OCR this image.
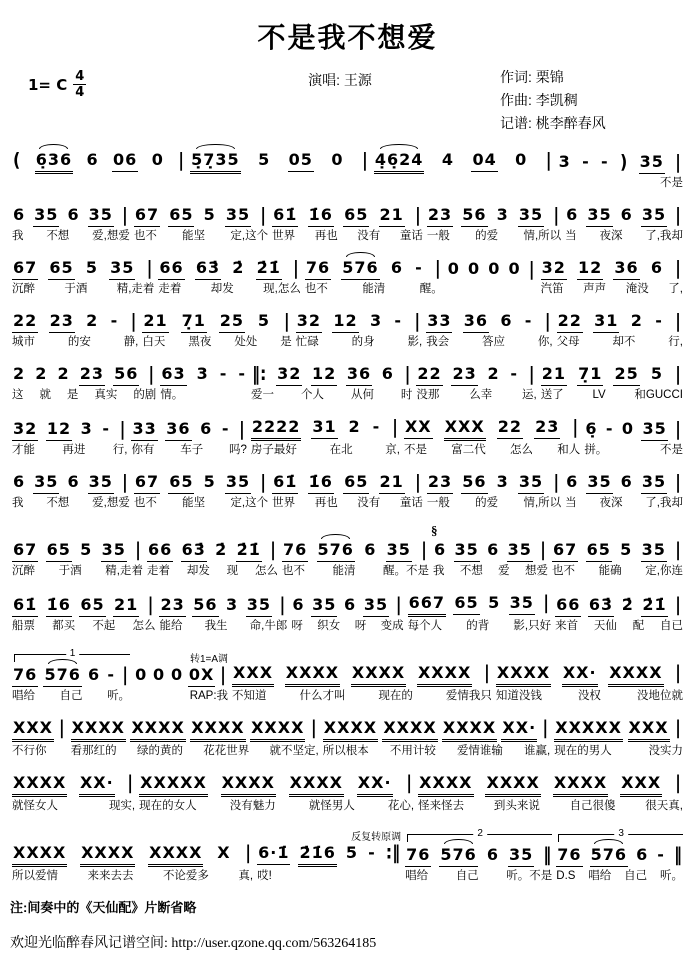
不是我不想爱
1= C $\frac{4}{4}$	演唱: 王源	作词: 栗锦
作曲: 李凯稠
记谱: 桃李醉春风
( 6̣36 6 06 0 | 5̣7̣35 5 05 0 | 4̣6̣24 4 04 0 | 3 - - ) 35 |
不是
6 35 6 35 |
我 不想 爱,想爱
67 65 5 35 |
也不 能坚 定,这个
61̇ 1̇6 65 21 |
世界 再也 没有 童话
23 56 3 35 |
一般 的爱 情,所以
6 35 6 35 |
当 夜深 了,我却
67 65 5 35 |
沉醉	于酒	精,走着
66 63̇ 2̇ 2̇1̇ |
走着	却发	现,怎么
76 576 6 - |
也不	能清	醒。
0 0 0 0 | 32 12 36 6 |
汽笛 声声 淹没 了,
22 23 2 - |
城市	的安	静,
21 7̣1 25 5 |
白天 黑夜 处处 是
32 12 3 - |
忙碌	的身	影,
33 36 6 - |
我会	答应	你,
22 31 2 - |
父母	却不	行,
2 2 2 23 56 |
这 就 是 真实 的剧
63 3 - -
情。
‖: 32 12 36 6 |
爱一 个人 从何 时
22 23 2 - |
没那	么幸	运,
21 7̣1 25 5 |
送了	LV	和GUCCI
32 12 3 - |
才能 再进 行,
33 36 6 - |
你有 车子 吗?
2222 31 2 - |
房子最好	在北	京,
XX XXX 22 23 |
不是 富二代 怎么 和人
6̣ - 0 35 |
拼。	不是
6 35 6 35 |
我 不想 爱,想爱
67 65 5 35 |
也不 能坚 定,这个
61̇ 1̇6 65 21 |
世界 再也 没有 童话
23 56 3 35 |
一般 的爱 情,所以
6 35 6 35 |
当 夜深 了,我却
67 65 5 35 |
沉醉 于酒 精,走着
66 63̇ 2̇ 2̇1̇ |
走着 却发 现 怎么
76 576 6 35 |
也不 能清 醒。不是
§
6 35 6 35 |
我 不想 爱 想爱
67 65 5 35 |
也不 能确 定,你连
61̇ 1̇6 65 21 |
船票 都买 不起 怎么
23 56 3 35 |
能给 我生 命,牛郎
6 35 6 35 |
呀 织女 呀 变成
667 65 5 35 |
每个人 的背 影,只好
66 63̇ 2̇ 2̇1̇ |
来首 天仙 配 自已
1
76 576 6 - |
唱给 自己 听。
转1=A调
0 0 0 0X |
RAP:我
XXX XXXX XXXX XXXX |
不知道	什么才叫	现在的	爱情我只
XXXX XX· XXXX |
知道没钱	没权	没地位就
XXX |
不行你
XXXX XXXX XXXX XXXX |
看那红的 绿的黄的 花花世界 就不坚定,
XXXX XXXX XXXX XX· |
所以根本 不用计较 爱情谁输 谁赢,
XXXXX XXX |
现在的男人	没实力
XXXX XX· |
就怪女人	现实,
XXXXX XXXX XXXX XX· |
现在的女人	没有魅力	就怪男人	花心,
XXXX XXXX XXXX XXX |
怪来怪去	到头来说	自己很傻	很天真,
XXXX XXXX XXXX X |
所以爱情	来来去去	不论爱多	真,
反复转原调
6·1̇ 2̇1̇6 5 - :‖
哎!
2
76 576 6 35 ‖
唱给 自己 听。不是
3
76 576 6 - ‖
D.S 唱给 自己 听。
注:间奏中的《天仙配》片断省略
欢迎光临醉春风记谱空间: http://user.qzone.qq.com/563264185
